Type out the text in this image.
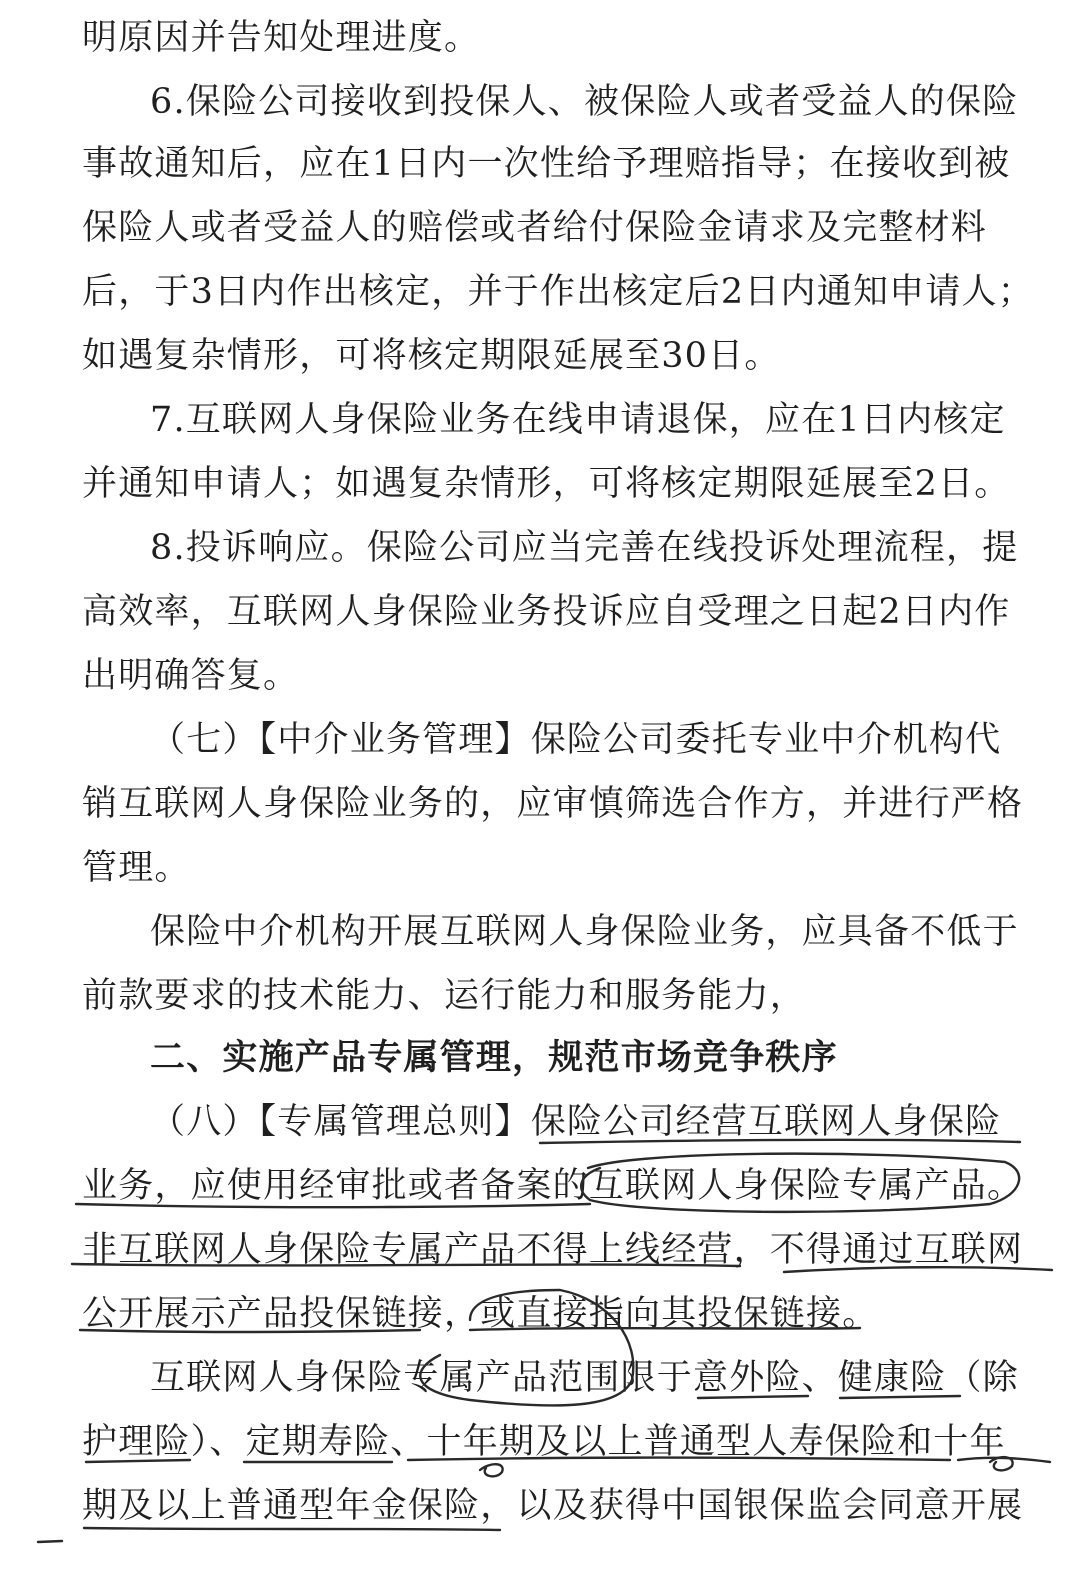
明原因并告知处理进度。
6.保险公司接收到投保人、被保险人或者受益人的保险
事故通知后，应在1日内一次性给予理赔指导；在接收到被
保险人或者受益人的赔偿或者给付保险金请求及完整材料
后，于3日内作出核定，并于作出核定后2日内通知申请人；
如遇复杂情形，可将核定期限延展至30日。
7.互联网人身保险业务在线申请退保，应在1日内核定
并通知申请人；如遇复杂情形，可将核定期限延展至2日。
8.投诉响应。保险公司应当完善在线投诉处理流程，提
高效率，互联网人身保险业务投诉应自受理之日起2日内作
出明确答复。
（七）【中介业务管理】保险公司委托专业中介机构代
销互联网人身保险业务的，应审慎筛选合作方，并进行严格
管理。
保险中介机构开展互联网人身保险业务，应具备不低于
前款要求的技术能力、运行能力和服务能力，
二、实施产品专属管理，规范市场竞争秩序
（八）【专属管理总则】保险公司经营互联网人身保险
业务，应使用经审批或者备案的互联网人身保险专属产品。
非互联网人身保险专属产品不得上线经营，不得通过互联网
公开展示产品投保链接，或直接指向其投保链接。
互联网人身保险专属产品范围限于意外险、健康险（除
护理险）、定期寿险、十年期及以上普通型人寿保险和十年
期及以上普通型年金保险，以及获得中国银保监会同意开展
